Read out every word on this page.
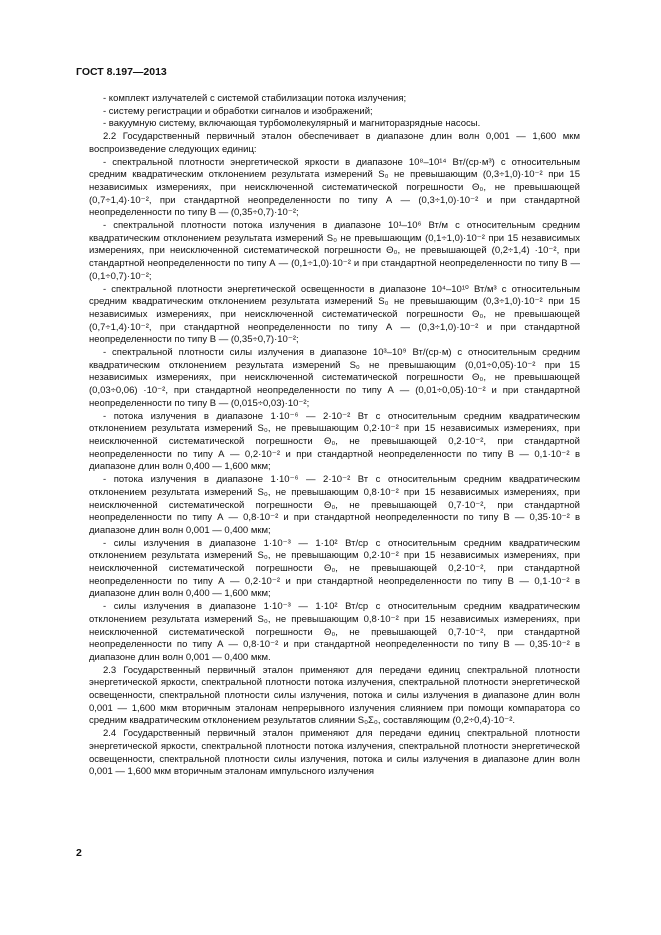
ГОСТ 8.197—2013

- комплект излучателей с системой стабилизации потока излучения;

- систему регистрации и обработки сигналов и изображений;

- вакуумную систему, включающая турбомолекулярный и магниторазрядные насосы.

2.2 Государственный первичный эталон обеспечивает в диапазоне длин волн 0,001 — 1,600 мкм воспроизведение следующих единиц:

- спектральной плотности энергетической яркости в диапазоне 10⁸–10¹⁴ Вт/(ср·м³) с относительным средним квадратическим отклонением результата измерений S₀ не превышающим (0,3÷1,0)·10⁻² при 15 независимых измерениях, при неисключенной систематической погрешности Θ₀, не превышающей (0,7÷1,4)·10⁻², при стандартной неопределенности по типу А — (0,3÷1,0)·10⁻² и при стандартной неопределенности по типу В — (0,35÷0,7)·10⁻²;

- спектральной плотности потока излучения в диапазоне 10¹–10⁶ Вт/м с относительным средним квадратическим отклонением результата измерений S₀ не превышающим (0,1÷1,0)·10⁻² при 15 независимых измерениях, при неисключенной систематической погрешности Θ₀, не превышающей (0,2÷1,4) ·10⁻², при стандартной неопределенности по типу А — (0,1÷1,0)·10⁻² и при стандартной неопределенности по типу В — (0,1÷0,7)·10⁻²;

- спектральной плотности энергетической освещенности в диапазоне 10⁴–10¹⁰ Вт/м³ с относительным средним квадратическим отклонением результата измерений S₀ не превышающим (0,3÷1,0)·10⁻² при 15 независимых измерениях, при неисключенной систематической погрешности Θ₀, не превышающей (0,7÷1,4)·10⁻², при стандартной неопределенности по типу А — (0,3÷1,0)·10⁻² и при стандартной неопределенности по типу В — (0,35÷0,7)·10⁻²;

- спектральной плотности силы излучения в диапазоне 10³–10⁹ Вт/(ср·м) с относительным средним квадратическим отклонением результата измерений S₀ не превышающим (0,01÷0,05)·10⁻² при 15 независимых измерениях, при неисключенной систематической погрешности Θ₀, не превышающей (0,03÷0,06) ·10⁻², при стандартной неопределенности по типу А — (0,01÷0,05)·10⁻² и при стандартной неопределенности по типу В — (0,015÷0,03)·10⁻²;

- потока излучения в диапазоне 1·10⁻⁶ — 2·10⁻² Вт с относительным средним квадратическим отклонением результата измерений S₀, не превышающим 0,2·10⁻² при 15 независимых измерениях, при неисключенной систематической погрешности Θ₀, не превышающей 0,2·10⁻², при стандартной неопределенности по типу А — 0,2·10⁻² и при стандартной неопределенности по типу В — 0,1·10⁻² в диапазоне длин волн 0,400 — 1,600 мкм;

- потока излучения в диапазоне 1·10⁻⁶ — 2·10⁻² Вт с относительным средним квадратическим отклонением результата измерений S₀, не превышающим 0,8·10⁻² при 15 независимых измерениях, при неисключенной систематической погрешности Θ₀, не превышающей 0,7·10⁻², при стандартной неопределенности по типу А — 0,8·10⁻² и при стандартной неопределенности по типу В — 0,35·10⁻² в диапазоне длин волн 0,001 — 0,400 мкм;

- силы излучения в диапазоне 1·10⁻³ — 1·10² Вт/ср с относительным средним квадратическим отклонением результата измерений S₀, не превышающим 0,2·10⁻² при 15 независимых измерениях, при неисключенной систематической погрешности Θ₀, не превышающей 0,2·10⁻², при стандартной неопределенности по типу А — 0,2·10⁻² и при стандартной неопределенности по типу В — 0,1·10⁻² в диапазоне длин волн 0,400 — 1,600 мкм;

- силы излучения в диапазоне 1·10⁻³ — 1·10² Вт/ср с относительным средним квадратическим отклонением результата измерений S₀, не превышающим 0,8·10⁻² при 15 независимых измерениях, при неисключенной систематической погрешности Θ₀, не превышающей 0,7·10⁻², при стандартной неопределенности по типу А — 0,8·10⁻² и при стандартной неопределенности по типу В — 0,35·10⁻² в диапазоне длин волн 0,001 — 0,400 мкм.

2.3 Государственный первичный эталон применяют для передачи единиц спектральной плотности энергетической яркости, спектральной плотности потока излучения, спектральной плотности энергетической освещенности, спектральной плотности силы излучения, потока и силы излучения в диапазоне длин волн 0,001 — 1,600 мкм вторичным эталонам непрерывного излучения слиянием при помощи компаратора со средним квадратическим отклонением результатов слиянии S₀Σ₀, составляющим (0,2÷0,4)·10⁻².

2.4 Государственный первичный эталон применяют для передачи единиц спектральной плотности энергетической яркости, спектральной плотности потока излучения, спектральной плотности энергетической освещенности, спектральной плотности силы излучения, потока и силы излучения в диапазоне длин волн 0,001 — 1,600 мкм вторичным эталонам импульсного излучения

2
